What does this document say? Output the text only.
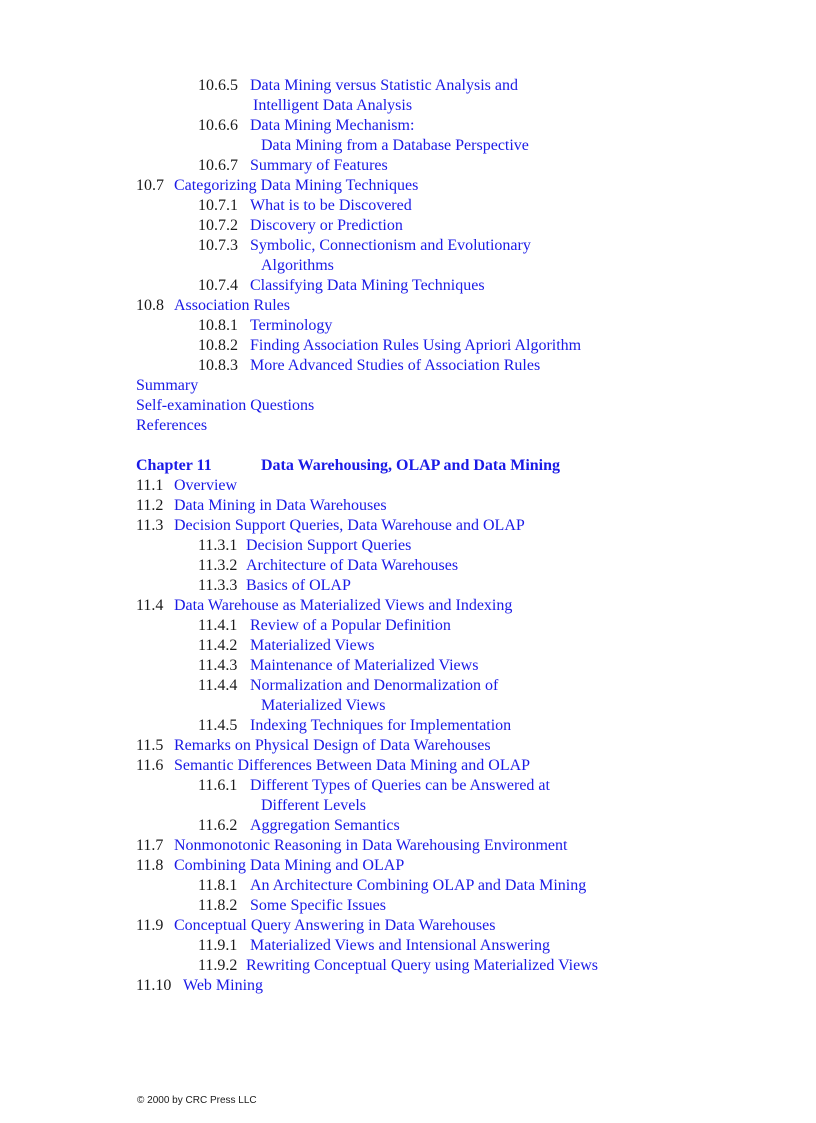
10.6.5 Data Mining versus Statistic Analysis and
Intelligent Data Analysis
10.6.6 Data Mining Mechanism:
Data Mining from a Database Perspective
10.6.7 Summary of Features
10.7 Categorizing Data Mining Techniques
10.7.1 What is to be Discovered
10.7.2 Discovery or Prediction
10.7.3 Symbolic, Connectionism and Evolutionary
Algorithms
10.7.4 Classifying Data Mining Techniques
10.8 Association Rules
10.8.1 Terminology
10.8.2 Finding Association Rules Using Apriori Algorithm
10.8.3 More Advanced Studies of Association Rules
Summary
Self-examination Questions
References
Chapter 11	Data Warehousing, OLAP and Data Mining
11.1 Overview
11.2 Data Mining in Data Warehouses
11.3 Decision Support Queries, Data Warehouse and OLAP
11.3.1 Decision Support Queries
11.3.2 Architecture of Data Warehouses
11.3.3 Basics of OLAP
11.4 Data Warehouse as Materialized Views and Indexing
11.4.1 Review of a Popular Definition
11.4.2 Materialized Views
11.4.3 Maintenance of Materialized Views
11.4.4 Normalization and Denormalization of
Materialized Views
11.4.5 Indexing Techniques for Implementation
11.5 Remarks on Physical Design of Data Warehouses
11.6 Semantic Differences Between Data Mining and OLAP
11.6.1 Different Types of Queries can be Answered at
Different Levels
11.6.2 Aggregation Semantics
11.7 Nonmonotonic Reasoning in Data Warehousing Environment
11.8 Combining Data Mining and OLAP
11.8.1 An Architecture Combining OLAP and Data Mining
11.8.2 Some Specific Issues
11.9 Conceptual Query Answering in Data Warehouses
11.9.1 Materialized Views and Intensional Answering
11.9.2 Rewriting Conceptual Query using Materialized Views
11.10 Web Mining
© 2000 by CRC Press LLC
